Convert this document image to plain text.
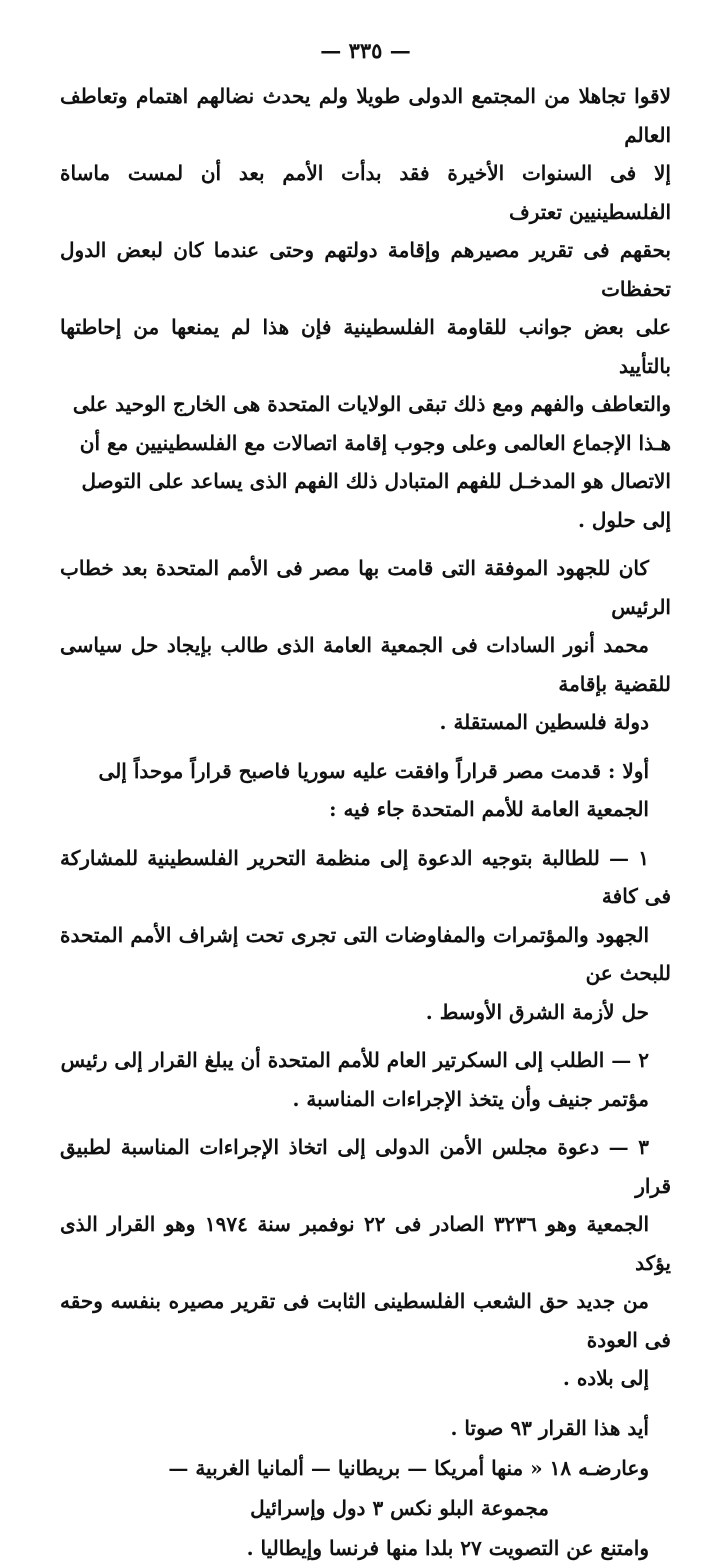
— ٣٣٥ —

لاقوا تجاهلا من المجتمع الدولى طويلا ولم يحدث نضالهم اهتمام وتعاطف العالم
إلا فى السنوات الأخيرة فقد بدأت الأمم بعد أن لمست ماساة الفلسطينيين تعترف
بحقهم فى تقرير مصيرهم وإقامة دولتهم وحتى عندما كان لبعض الدول تحفظات
على بعض جوانب للقاومة الفلسطينية فإن هذا لم يمنعها من إحاطتها بالتأييد
والتعاطف والفهم ومع ذلك تبقى الولايات المتحدة هى الخارج الوحيد على
هـذا الإجماع العالمى وعلى وجوب إقامة اتصالات مع الفلسطينيين مع أن
الاتصال هو المدخـل للفهم المتبادل ذلك الفهم الذى يساعد على التوصل
إلى حلول .

كان للجهود الموفقة التى قامت بها مصر فى الأمم المتحدة بعد خطاب الرئيس
محمد أنور السادات فى الجمعية العامة الذى طالب بإيجاد حل سياسى للقضية بإقامة
دولة فلسطين المستقلة .

أولا : قدمت مصر قراراً وافقت عليه سوريا فاصبح قراراً موحداً إلى
الجمعية العامة للأمم المتحدة جاء فيه :

١ — للطالبة بتوجيه الدعوة إلى منظمة التحرير الفلسطينية للمشاركة فى كافة
الجهود والمؤتمرات والمفاوضات التى تجرى تحت إشراف الأمم المتحدة للبحث عن
حل لأزمة الشرق الأوسط .

٢ — الطلب إلى السكرتير العام للأمم المتحدة أن يبلغ القرار إلى رئيس
مؤتمر جنيف وأن يتخذ الإجراءات المناسبة .

٣ — دعوة مجلس الأمن الدولى إلى اتخاذ الإجراءات المناسبة لطبيق قرار
الجمعية وهو ٣٢٣٦ الصادر فى ٢٢ نوفمبر سنة ١٩٧٤ وهو القرار الذى يؤكد
من جديد حق الشعب الفلسطينى الثابت فى تقرير مصيره بنفسه وحقه فى العودة
إلى بلاده .

أيد هذا القرار ٩٣ صوتا .
وعارضـه ١٨ « منها أمريكا — بريطانيا — ألمانيا الغربية —
مجموعة البلو نكس ٣ دول وإسرائيل
وامتنع عن التصويت ٢٧ بلدا منها فرنسا وإيطاليا .
